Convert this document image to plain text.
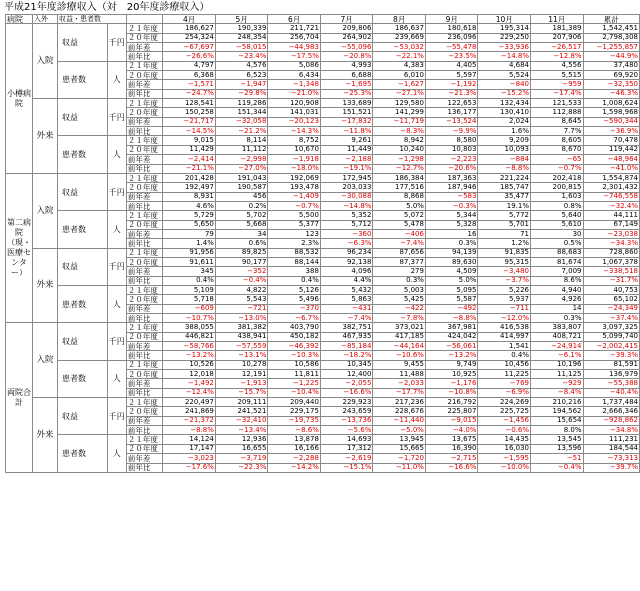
平成21年度診療収入（対　20年度診療収入）
病院	入外	収益・患者数			4月	5月	6月	7月	8月	9月	10月	11月	累計
小樽病院	入院	収益	千円	２１年度	186,627	190,339	211,721	209,806	186,637	180,618	195,314	181,389	1,542,451
				２０年度	254,324	248,354	256,704	264,902	239,669	236,096	229,250	207,906	2,798,308
				前年差	−67,697	−58,015	−44,983	−55,096	−53,032	−55,478	−33,936	−26,517	−1,255,857
				前年比	−26.6%	−23.4%	−17.5%	−20.8%	−22.1%	−23.5%	−14.8%	−12.8%	−44.9%
		患者数	人	２１年度	4,797	4,576	5,086	4,993	4,383	4,405	4,684	4,556	37,480
				２０年度	6,368	6,523	6,434	6,688	6,010	5,597	5,524	5,515	69,920
				前年差	−1,571	−1,947	−1,348	−1,695	−1,627	−1,192	−840	−959	−32,350
				前年比	−24.7%	−29.8%	−21.0%	−25.3%	−27.1%	−21.3%	−15.2%	−17.4%	−46.3%
	外来	収益	千円	２１年度	128,541	119,286	120,908	133,689	129,580	122,653	132,434	121,533	1,008,624
				２０年度	150,258	151,344	141,031	151,521	141,299	136,177	130,410	112,888	1,598,968
				前年差	−21,717	−32,058	−20,123	−17,832	−11,719	−13,524	2,024	8,645	−590,344
				前年比	−14.5%	−21.2%	−14.3%	−11.8%	−8.3%	−9.9%	1.6%	7.7%	−36.9%
		患者数	人	２１年度	9,015	8,114	8,752	9,261	8,942	8,580	9,209	8,605	70,478
				２０年度	11,429	11,112	10,670	11,449	10,240	10,803	10,093	8,670	119,442
				前年差	−2,414	−2,998	−1,918	−2,188	−1,298	−2,223	−884	−65	−48,964
				前年比	−21.1%	−27.0%	−18.0%	−19.1%	−12.7%	−20.6%	−8.8%	−0.7%	−41.0%
第二病院（現・医療センター）	入院	収益	千円	２１年度	201,428	191,043	192,069	172,945	186,384	187,363	221,224	202,418	1,554,874
				２０年度	192,497	190,587	193,478	203,033	177,516	187,946	185,747	200,815	2,301,432
				前年差	8,931	456	−1,409	−30,088	8,868	−583	35,477	1,603	−746,558
				前年比	4.6%	0.2%	−0.7%	−14.8%	5.0%	−0.3%	19.1%	0.8%	−32.4%
		患者数	人	２１年度	5,729	5,702	5,500	5,352	5,072	5,344	5,772	5,640	44,111
				２０年度	5,650	5,668	5,377	5,712	5,478	5,328	5,701	5,610	67,149
				前年差	79	34	123	−360	−406	16	71	30	−23,038
				前年比	1.4%	0.6%	2.3%	−6.3%	−7.4%	0.3%	1.2%	0.5%	−34.3%
	外来	収益	千円	２１年度	91,956	89,825	88,532	96,234	87,656	94,139	91,835	88,683	728,860
				２０年度	91,611	90,177	88,144	92,138	87,377	89,630	95,315	81,674	1,067,378
				前年差	345	−352	388	4,096	279	4,509	−3,480	7,009	−338,518
				前年比	0.4%	−0.4%	0.4%	4.4%	0.3%	5.0%	−3.7%	8.6%	−31.7%
		患者数	人	２１年度	5,109	4,822	5,126	5,432	5,003	5,095	5,226	4,940	40,753
				２０年度	5,718	5,543	5,496	5,863	5,425	5,587	5,937	4,926	65,102
				前年差	−609	−721	−370	−431	−422	−492	−711	14	−24,349
				前年比	−10.7%	−13.0%	−6.7%	−7.4%	−7.8%	−8.8%	−12.0%	0.3%	−37.4%
両院合計	入院	収益	千円	２１年度	388,055	381,382	403,790	382,751	373,021	367,981	416,538	383,807	3,097,325
				２０年度	446,821	438,941	450,182	467,935	417,185	424,042	414,997	408,721	5,099,740
				前年差	−58,766	−57,559	−46,392	−85,184	−44,164	−56,061	1,541	−24,914	−2,002,415
				前年比	−13.2%	−13.1%	−10.3%	−18.2%	−10.6%	−13.2%	0.4%	−6.1%	−39.3%
		患者数	人	２１年度	10,526	10,278	10,586	10,345	9,455	9,749	10,456	10,196	81,591
				２０年度	12,018	12,191	11,811	12,400	11,488	10,925	11,225	11,125	136,979
				前年差	−1,492	−1,913	−1,225	−2,055	−2,033	−1,176	−769	−929	−55,388
				前年比	−12.4%	−15.7%	−10.4%	−16.6%	−17.7%	−10.8%	−6.9%	−8.4%	−40.4%
	外来	収益	千円	２１年度	220,497	209,111	209,440	229,923	217,236	216,792	224,269	210,216	1,737,484
				２０年度	241,869	241,521	229,175	243,659	228,676	225,807	225,725	194,562	2,666,346
				前年差	−21,372	−32,410	−19,735	−13,736	−11,440	−9,015	−1,456	15,654	−928,862
				前年比	−8.8%	−13.4%	−8.6%	−5.6%	−5.0%	−4.0%	−0.6%	8.0%	−34.8%
		患者数	人	２１年度	14,124	12,936	13,878	14,693	13,945	13,675	14,435	13,545	111,231
				２０年度	17,147	16,655	16,166	17,312	15,665	16,390	16,030	13,596	184,544
				前年差	−3,023	−3,719	−2,288	−2,619	−1,720	−2,715	−1,595	−51	−73,313
				前年比	−17.6%	−22.3%	−14.2%	−15.1%	−11.0%	−16.6%	−10.0%	−0.4%	−39.7%
